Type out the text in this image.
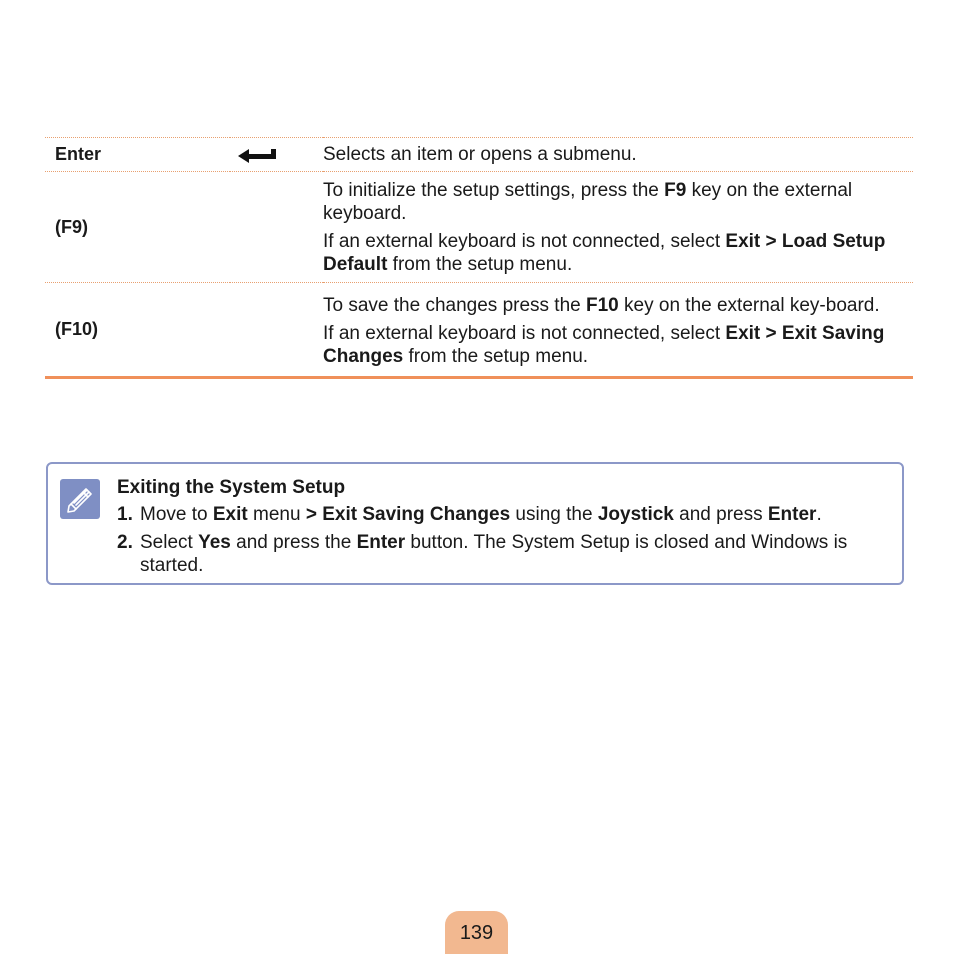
Enter		Selects an item or opens a submenu.

(F9)		To initialize the setup settings, press the F9 key on the external keyboard.

If an external keyboard is not connected, select Exit > Load Setup Default from the setup menu.

(F10)		To save the changes press the F10 key on the external key-board.

If an external keyboard is not connected, select Exit > Exit Saving Changes from the setup menu.

Exiting the System Setup

1. Move to Exit menu > Exit Saving Changes using the Joystick and press Enter.
2. Select Yes and press the Enter button. The System Setup is closed and Windows is started.
139
